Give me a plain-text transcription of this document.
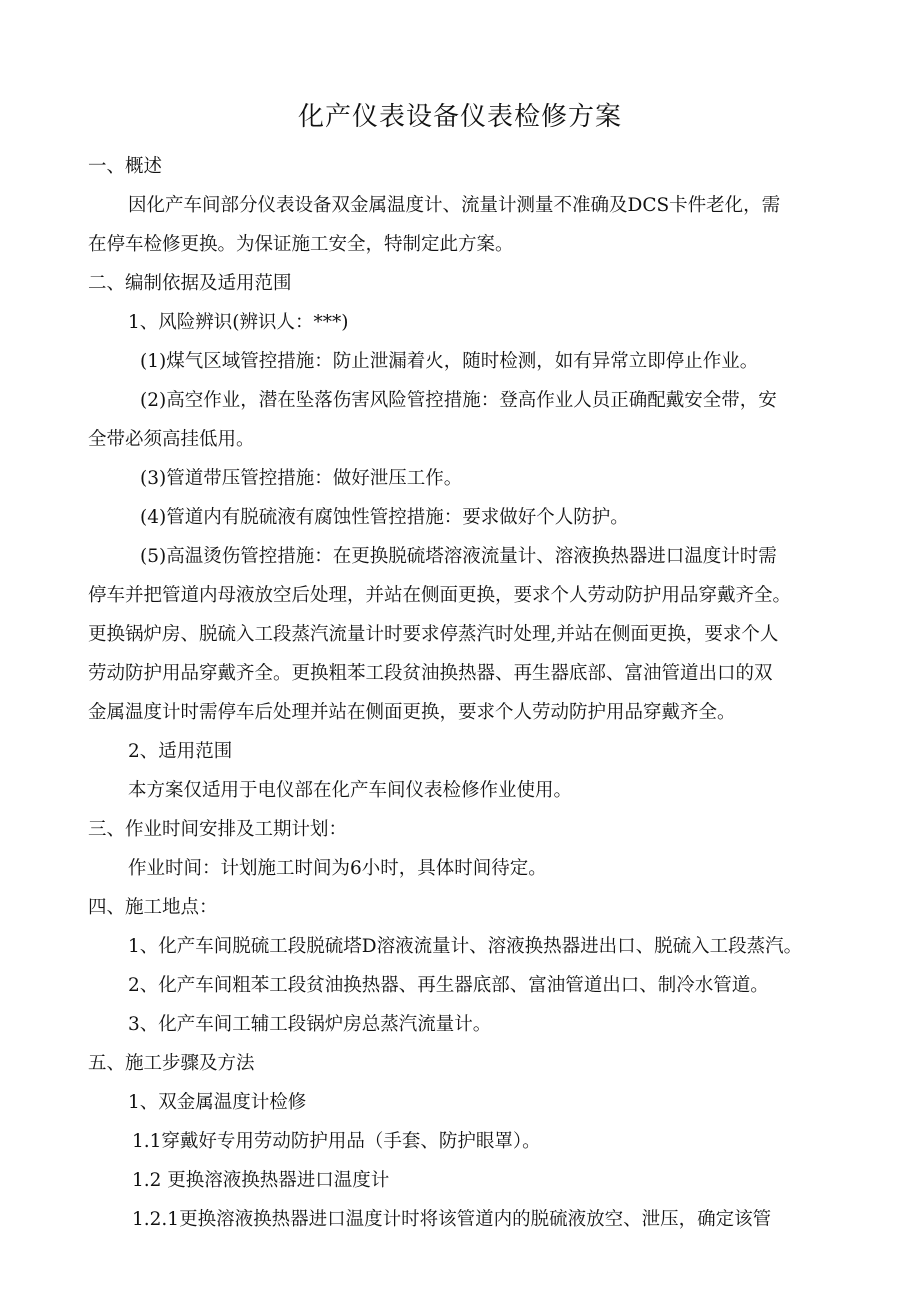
化产仪表设备仪表检修方案
一、概述
因化产车间部分仪表设备双金属温度计、流量计测量不准确及DCS卡件老化，需
在停车检修更换。为保证施工安全，特制定此方案。
二、编制依据及适用范围
1、风险辨识(辨识人：***)
(1)煤气区域管控措施：防止泄漏着火，随时检测，如有异常立即停止作业。
(2)高空作业，潜在坠落伤害风险管控措施：登高作业人员正确配戴安全带，安
全带必须高挂低用。
(3)管道带压管控措施：做好泄压工作。
(4)管道内有脱硫液有腐蚀性管控措施：要求做好个人防护。
(5)高温烫伤管控措施：在更换脱硫塔溶液流量计、溶液换热器进口温度计时需
停车并把管道内母液放空后处理，并站在侧面更换，要求个人劳动防护用品穿戴齐全。
更换锅炉房、脱硫入工段蒸汽流量计时要求停蒸汽时处理,并站在侧面更换，要求个人
劳动防护用品穿戴齐全。更换粗苯工段贫油换热器、再生器底部、富油管道出口的双
金属温度计时需停车后处理并站在侧面更换，要求个人劳动防护用品穿戴齐全。
2、适用范围
本方案仅适用于电仪部在化产车间仪表检修作业使用。
三、作业时间安排及工期计划：
作业时间：计划施工时间为6小时，具体时间待定。
四、施工地点：
1、化产车间脱硫工段脱硫塔D溶液流量计、溶液换热器进出口、脱硫入工段蒸汽。
2、化产车间粗苯工段贫油换热器、再生器底部、富油管道出口、制冷水管道。
3、化产车间工辅工段锅炉房总蒸汽流量计。
五、施工步骤及方法
1、双金属温度计检修
1.1穿戴好专用劳动防护用品（手套、防护眼罩）。
1.2 更换溶液换热器进口温度计
1.2.1更换溶液换热器进口温度计时将该管道内的脱硫液放空、泄压，确定该管
